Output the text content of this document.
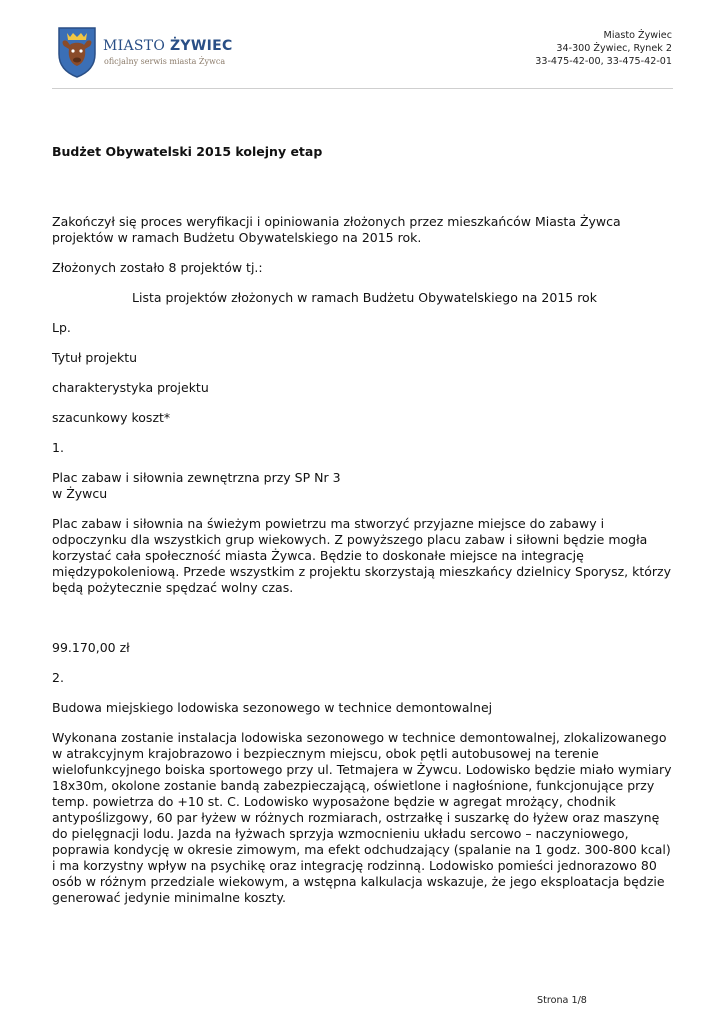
MIASTO ŻYWIEC
oficjalny serwis miasta Żywca
Miasto Żywiec
34-300 Żywiec, Rynek 2
33-475-42-00, 33-475-42-01

Budżet Obywatelski 2015 kolejny etap

Zakończył się proces weryfikacji i opiniowania złożonych przez mieszkańców Miasta Żywca projektów w ramach Budżetu Obywatelskiego na 2015 rok.

Złożonych zostało 8 projektów tj.:

Lista projektów złożonych w ramach Budżetu Obywatelskiego na 2015 rok

Lp.

Tytuł projektu

charakterystyka projektu

szacunkowy koszt*

1.

Plac zabaw i siłownia zewnętrzna przy SP Nr 3
w Żywcu

Plac zabaw i siłownia na świeżym powietrzu ma stworzyć przyjazne miejsce do zabawy i odpoczynku dla wszystkich grup wiekowych. Z powyższego placu zabaw i siłowni będzie mogła korzystać cała społeczność miasta Żywca. Będzie to doskonałe miejsce na integrację międzypokoleniową. Przede wszystkim z projektu skorzystają mieszkańcy dzielnicy Sporysz, którzy będą pożytecznie spędzać wolny czas.

99.170,00 zł

2.

Budowa miejskiego lodowiska sezonowego w technice demontowalnej

Wykonana zostanie instalacja lodowiska sezonowego w technice demontowalnej, zlokalizowanego w atrakcyjnym krajobrazowo i bezpiecznym miejscu, obok pętli autobusowej na terenie wielofunkcyjnego boiska sportowego przy ul. Tetmajera w Żywcu. Lodowisko będzie miało wymiary 18x30m, okolone zostanie bandą zabezpieczającą, oświetlone i nagłośnione, funkcjonujące przy temp. powietrza do +10 st. C. Lodowisko wyposażone będzie w agregat mrożący, chodnik antypoślizgowy, 60 par łyżew w różnych rozmiarach, ostrzałkę i suszarkę do łyżew oraz maszynę do pielęgnacji lodu. Jazda na łyżwach sprzyja wzmocnieniu układu sercowo – naczyniowego, poprawia kondycję w okresie zimowym, ma efekt odchudzający (spalanie na 1 godz. 300-800 kcal) i ma korzystny wpływ na psychikę oraz integrację rodzinną. Lodowisko pomieści jednorazowo 80 osób w różnym przedziale wiekowym, a wstępna kalkulacja wskazuje, że jego eksploatacja będzie generować jedynie minimalne koszty.

Strona 1/8
